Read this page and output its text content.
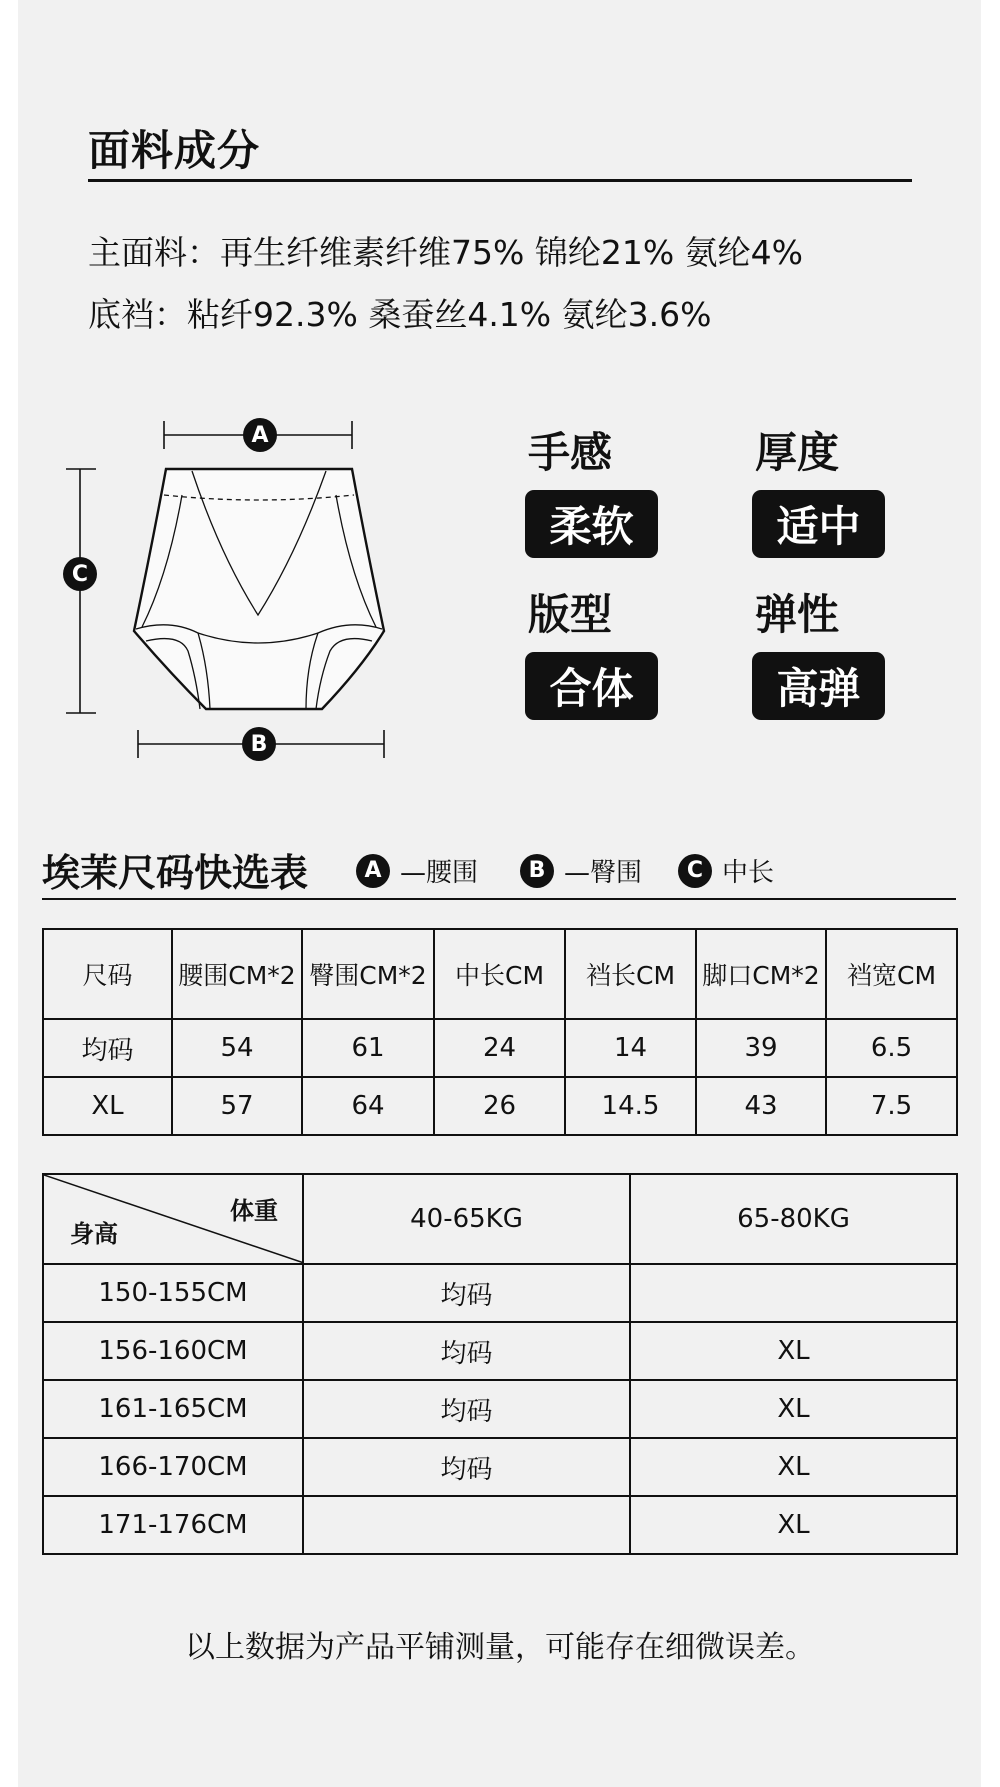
面料成分
主面料：再生纤维素纤维75% 锦纶21% 氨纶4%
底裆：粘纤92.3% 桑蚕丝4.1% 氨纶3.6%
A
C
B
手感
柔软
厚度
适中
版型
合体
弹性
高弹
埃茉尺码快选表	A —腰围	B —臀围	C 中长
尺码	腰围CM*2	臀围CM*2	中长CM	裆长CM	脚口CM*2	裆宽CM
均码	54	61	24	14	39	6.5
XL	57	64	26	14.5	43	7.5
体重
身高	40-65KG	65-80KG
150-155CM	均码	
156-160CM	均码	XL
161-165CM	均码	XL
166-170CM	均码	XL
171-176CM		XL
以上数据为产品平铺测量，可能存在细微误差。
